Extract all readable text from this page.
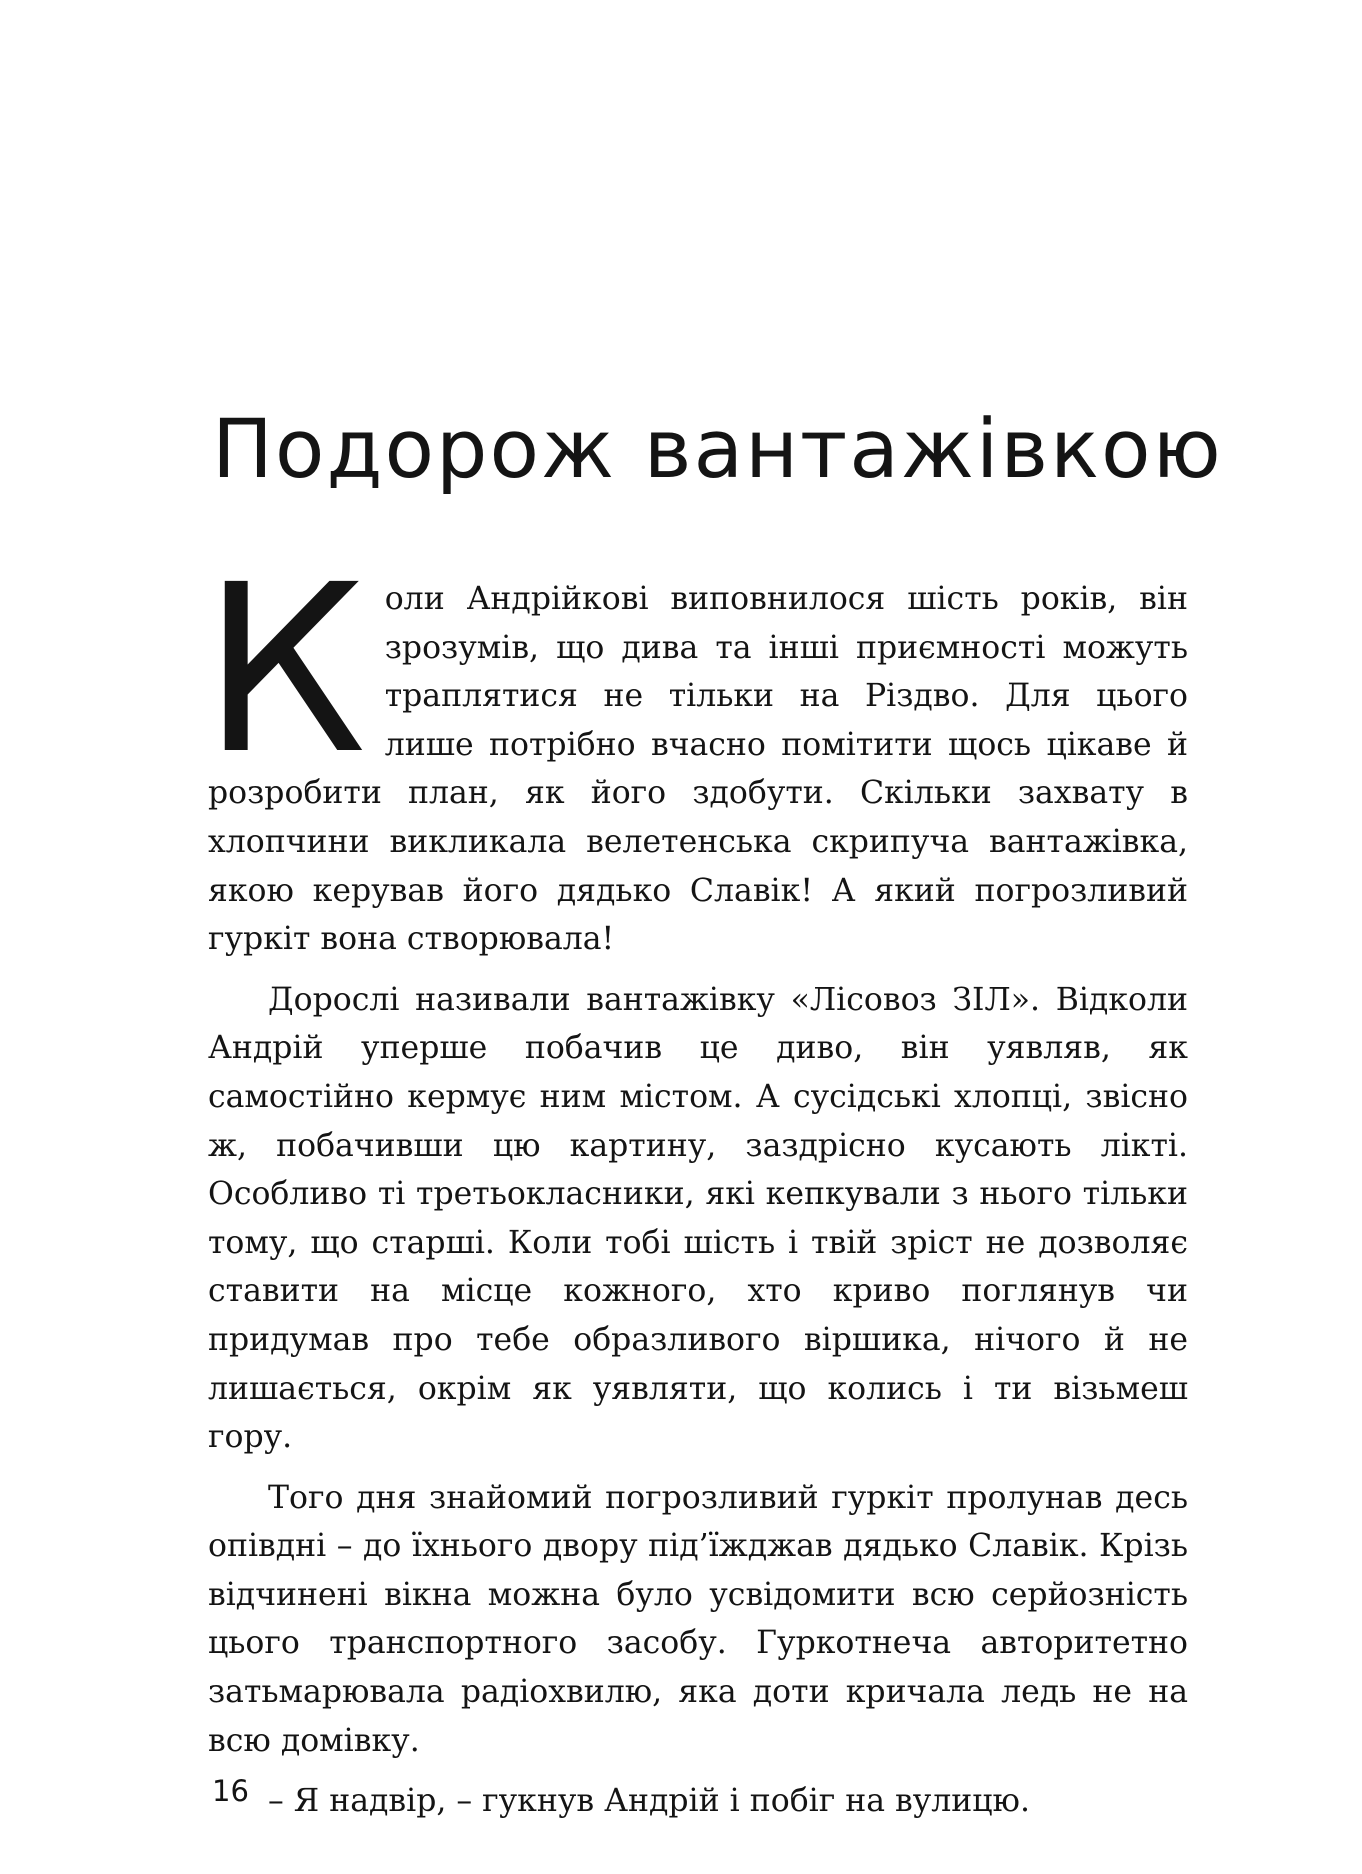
Подорож вантажівкою

Коли Андрійкові виповнилося шість років, він зрозумів, що дива та інші приємності можуть траплятися не тільки на Різдво. Для цього лише потрібно вчасно помітити щось цікаве й розробити план, як його здобути. Скільки захвату в хлопчини викликала велетенська скрипуча вантажівка, якою керував його дядько Славік! А який погрозливий гуркіт вона створювала!

Дорослі називали вантажівку «Лісовоз ЗІЛ». Відколи Андрій уперше побачив це диво, він уявляв, як самостійно кермує ним містом. А сусідські хлопці, звісно ж, побачивши цю картину, заздрісно кусають лікті. Особливо ті третьокласники, які кепкували з нього тільки тому, що старші. Коли тобі шість і твій зріст не дозволяє ставити на місце кожного, хто криво поглянув чи придумав про тебе образливого віршика, нічого й не лишається, окрім як уявляти, що колись і ти візьмеш гору.

Того дня знайомий погрозливий гуркіт пролунав десь опівдні – до їхнього двору під’їжджав дядько Славік. Крізь відчинені вікна можна було усвідомити всю серйозність цього транспортного засобу. Гуркотнеча авторитетно затьмарювала радіохвилю, яка доти кричала ледь не на всю домівку.

– Я надвір, – гукнув Андрій і побіг на вулицю.

16
